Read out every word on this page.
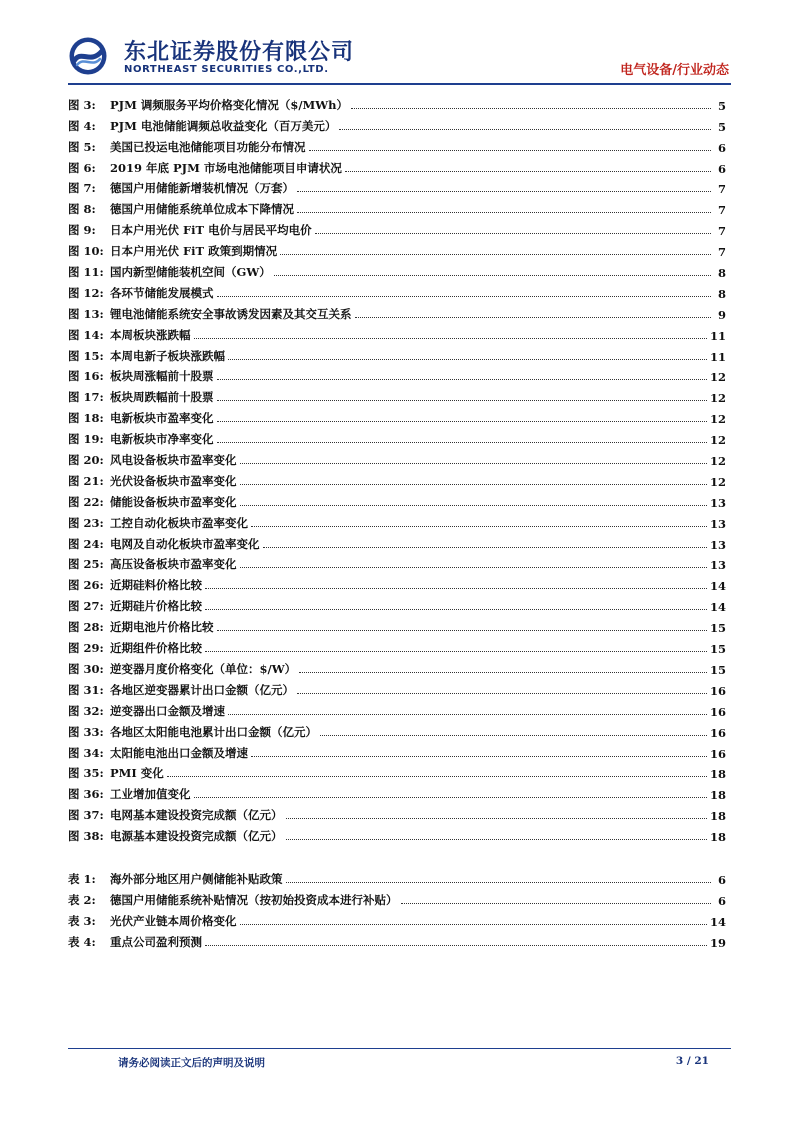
东北证券股份有限公司
NORTHEAST SECURITIES CO.,LTD.	电气设备/行业动态
图 3: PJM 调频服务平均价格变化情况（$/MWh）	5
图 4: PJM 电池储能调频总收益变化（百万美元）	5
图 5: 美国已投运电池储能项目功能分布情况	6
图 6: 2019 年底 PJM 市场电池储能项目申请状况	6
图 7: 德国户用储能新增装机情况（万套）	7
图 8: 德国户用储能系统单位成本下降情况	7
图 9: 日本户用光伏 FiT 电价与居民平均电价	7
图 10: 日本户用光伏 FiT 政策到期情况	7
图 11: 国内新型储能装机空间（GW）	8
图 12: 各环节储能发展模式	8
图 13: 锂电池储能系统安全事故诱发因素及其交互关系	9
图 14: 本周板块涨跌幅	11
图 15: 本周电新子板块涨跌幅	11
图 16: 板块周涨幅前十股票	12
图 17: 板块周跌幅前十股票	12
图 18: 电新板块市盈率变化	12
图 19: 电新板块市净率变化	12
图 20: 风电设备板块市盈率变化	12
图 21: 光伏设备板块市盈率变化	12
图 22: 储能设备板块市盈率变化	13
图 23: 工控自动化板块市盈率变化	13
图 24: 电网及自动化板块市盈率变化	13
图 25: 高压设备板块市盈率变化	13
图 26: 近期硅料价格比较	14
图 27: 近期硅片价格比较	14
图 28: 近期电池片价格比较	15
图 29: 近期组件价格比较	15
图 30: 逆变器月度价格变化（单位：$/W）	15
图 31: 各地区逆变器累计出口金额（亿元）	16
图 32: 逆变器出口金额及增速	16
图 33: 各地区太阳能电池累计出口金额（亿元）	16
图 34: 太阳能电池出口金额及增速	16
图 35: PMI 变化	18
图 36: 工业增加值变化	18
图 37: 电网基本建设投资完成额（亿元）	18
图 38: 电源基本建设投资完成额（亿元）	18
表 1: 海外部分地区用户侧储能补贴政策	6
表 2: 德国户用储能系统补贴情况（按初始投资成本进行补贴）	6
表 3: 光伏产业链本周价格变化	14
表 4: 重点公司盈利预测	19
请务必阅读正文后的声明及说明	3 / 21
